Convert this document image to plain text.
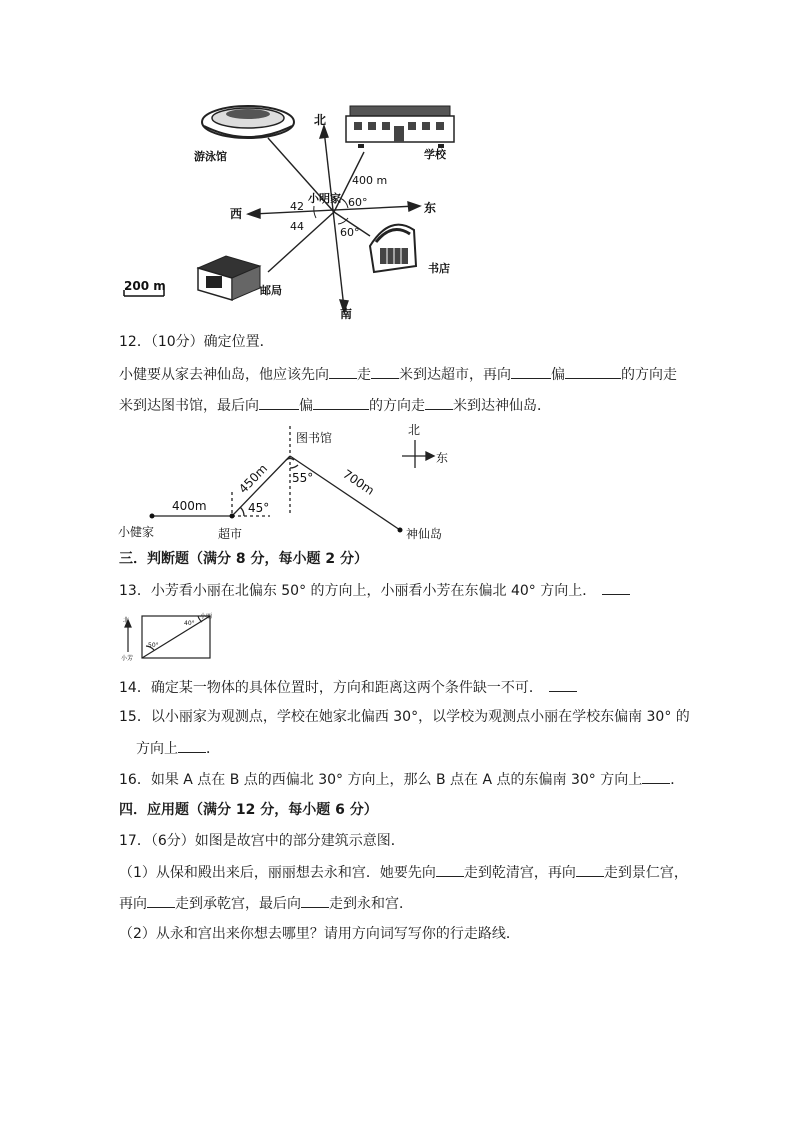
北
南
东
西
游泳馆	学校
书店
邮局
小明家
400 m
60°
60°
42
44
200 m
12．（10分）确定位置．
小健要从家去神仙岛，他应该先向 走 米到达超市，再向	偏	的方向走
米到达图书馆，最后向	偏	的方向走 米到达神仙岛．
小健家	超市
图书馆
神仙岛
400m
450m	700m
45°
55°
北
东
三．判断题（满分 8 分，每小题 2 分）
13．小芳看小丽在北偏东 50° 的方向上，小丽看小芳在东偏北 40° 方向上．
北
小丽
小芳
40°
50°
14．确定某一物体的具体位置时，方向和距离这两个条件缺一不可．
15．以小丽家为观测点，学校在她家北偏西 30°，以学校为观测点小丽在学校东偏南 30° 的
方向上 ．
16．如果 A 点在 B 点的西偏北 30° 方向上，那么 B 点在 A 点的东偏南 30° 方向上 ．
四．应用题（满分 12 分，每小题 6 分）
17．（6分）如图是故宫中的部分建筑示意图．
（1）从保和殿出来后，丽丽想去永和宫．她要先向 走到乾清宫，再向 走到景仁宫，
再向 走到承乾宫，最后向 走到永和宫．
（2）从永和宫出来你想去哪里？请用方向词写写你的行走路线．
